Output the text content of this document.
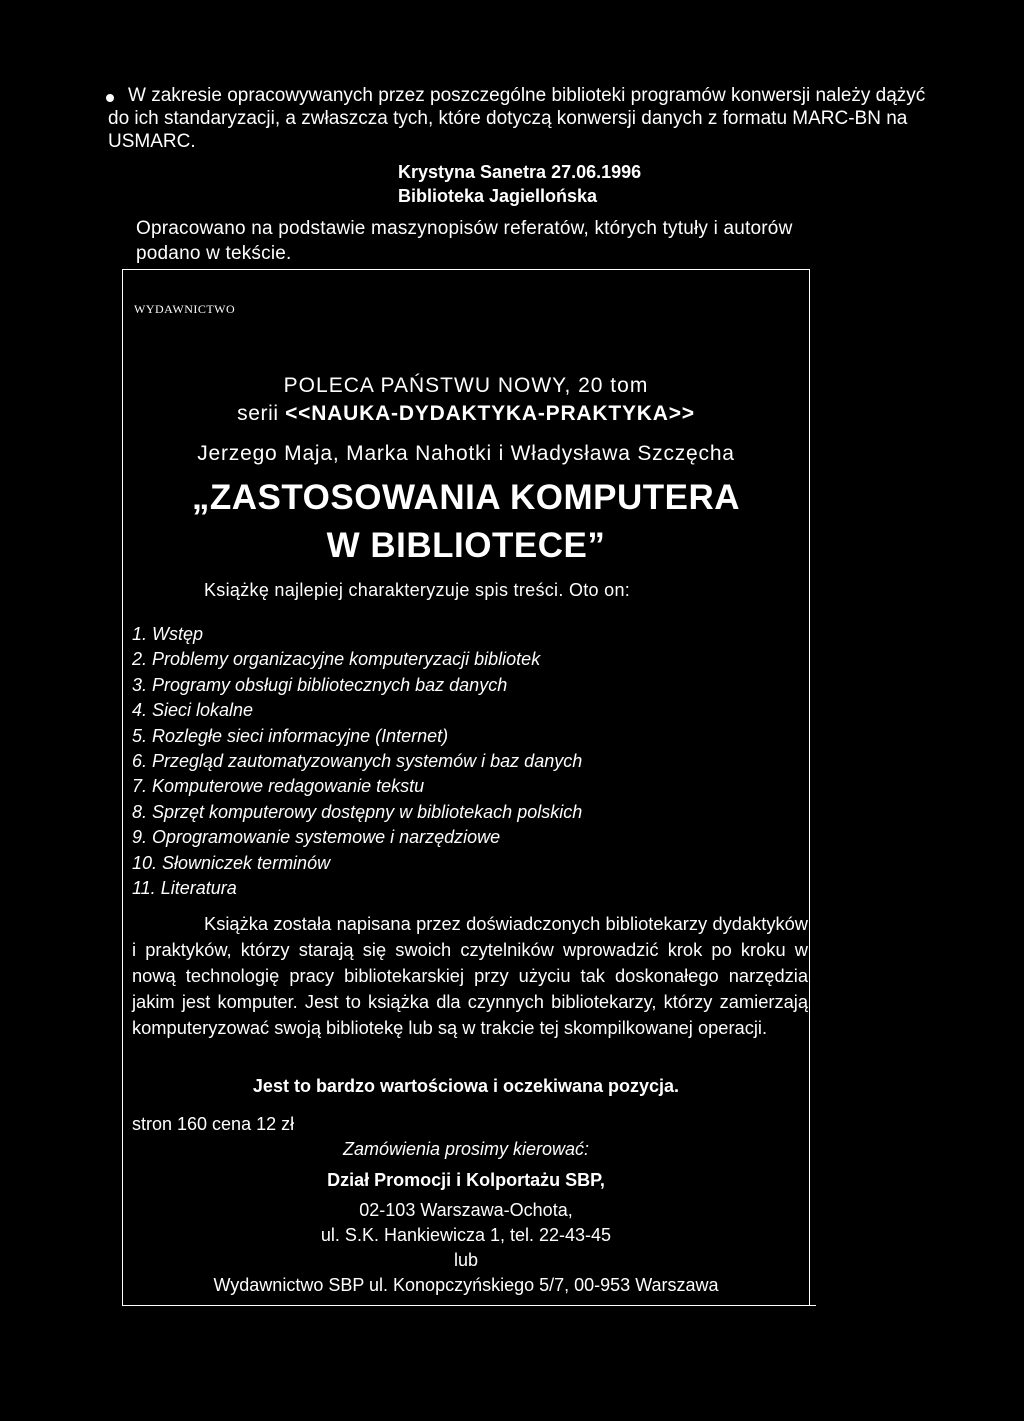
W zakresie opracowywanych przez poszczególne biblioteki programów konwersji należy dążyć do ich standaryzacji, a zwłaszcza tych, które dotyczą konwersji danych z formatu MARC-BN na USMARC.

Krystyna Sanetra 27.06.1996
Biblioteka Jagiellońska
Opracowano na podstawie maszynopisów referatów, których tytuły i autorów podano w tekście.
WYDAWNICTWO
POLECA PAŃSTWU NOWY, 20 tom
serii <<NAUKA-DYDAKTYKA-PRAKTYKA>>
Jerzego Maja, Marka Nahotki i Władysława Szczęcha
„ZASTOSOWANIA KOMPUTERA
W BIBLIOTECE”
Książkę najlepiej charakteryzuje spis treści. Oto on:
1. Wstęp
2. Problemy organizacyjne komputeryzacji bibliotek
3. Programy obsługi bibliotecznych baz danych
4. Sieci lokalne
5. Rozległe sieci informacyjne (Internet)
6. Przegląd zautomatyzowanych systemów i baz danych
7. Komputerowe redagowanie tekstu
8. Sprzęt komputerowy dostępny w bibliotekach polskich
9. Oprogramowanie systemowe i narzędziowe
10. Słowniczek terminów
11. Literatura

Książka została napisana przez doświadczonych bibliotekarzy dydaktyków i praktyków, którzy starają się swoich czytelników wprowadzić krok po kroku w nową technologię pracy bibliotekarskiej przy użyciu tak doskonałego narzędzia jakim jest komputer. Jest to książka dla czynnych bibliotekarzy, którzy zamierzają komputeryzować swoją bibliotekę lub są w trakcie tej skompilkowanej operacji.

Jest to bardzo wartościowa i oczekiwana pozycja.
stron 160 cena 12 zł
Zamówienia prosimy kierować:
Dział Promocji i Kolportażu SBP,
02-103 Warszawa-Ochota,
ul. S.K. Hankiewicza 1, tel. 22-43-45
lub
Wydawnictwo SBP ul. Konopczyńskiego 5/7, 00-953 Warszawa
